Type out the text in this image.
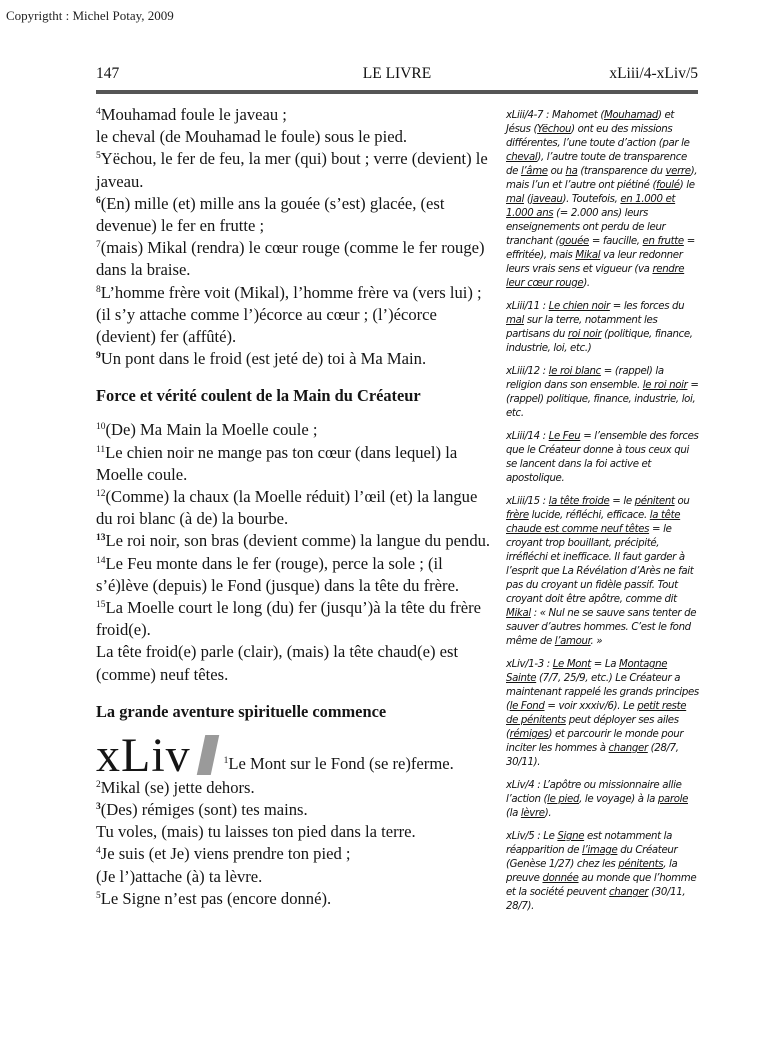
Copyrigtht : Michel Potay, 2009
147	LE LIVRE	xLiii/4-xLiv/5

$^4$Mouhamad foule le javeau ;

le cheval (de Mouhamad le foule) sous le pied.

$^5$Yëchou, le fer de feu, la mer (qui) bout ; verre (devient) le javeau.

$^6$(En) mille (et) mille ans la gouée (s’est) glacée, (est devenue) le fer en fruttе ;

$^7$(mais) Mikal (rendra) le cœur rouge (comme le fer rouge) dans la braise.

$^8$L’homme frère voit (Mikal), l’homme frère va (vers lui) ; (il s’y attache comme l’)écorce au cœur ; (l’)écorce (devient) fer (affûté).

$^9$Un pont dans le froid (est jeté de) toi à Ma Main.

Force et vérité coulent de la Main du Créateur

$^{10}$(De) Ma Main la Moelle coule ;

$^{11}$Le chien noir ne mange pas ton cœur (dans lequel) la Moelle coule.

$^{12}$(Comme) la chaux (la Moelle réduit) l’œil (et) la langue du roi blanc (à de) la bourbe.

$^{13}$Le roi noir, son bras (devient comme) la langue du pendu.

$^{14}$Le Feu monte dans le fer (rouge), perce la sole ; (il s’é)lève (depuis) le Fond (jusque) dans la tête du frère.

$^{15}$La Moelle court le long (du) fer (jusqu’)à la tête du frère froid(e).

La tête froid(e) parle (clair), (mais) la tête chaud(e) est (comme) neuf têtes.

La grande aventure spirituelle commence
xLiv	$^1$Le Mont sur le Fond (se re)ferme.

$^2$Mikal (se) jette dehors.

$^3$(Des) rémiges (sont) tes mains.

Tu voles, (mais) tu laisses ton pied dans la terre.

$^4$Je suis (et Je) viens prendre ton pied ;

(Je l’)attache (à) ta lèvre.

$^5$Le Signe n’est pas (encore donné).

xLiii/4-7 : Mahomet (Mouhamad) et Jésus (Yëchou) ont eu des missions différentes, l’une toute d’action (par le cheval), l’autre toute de transparence de l’âme ou ha (transparence du verre), mais l’un et l’autre ont piétiné (foulé) le mal (javeau). Toutefois, en 1.000 et 1.000 ans (= 2.000 ans) leurs enseignements ont perdu de leur tranchant (gouée = faucille, en frutte = effritée), mais Mikal va leur redonner leurs vrais sens et vigueur (va rendre leur cœur rouge).

xLiii/11 : Le chien noir = les forces du mal sur la terre, notamment les partisans du roi noir (politique, finance, industrie, loi, etc.)

xLiii/12 : le roi blanc = (rappel) la religion dans son ensemble. le roi noir = (rappel) politique, finance, industrie, loi, etc.

xLiii/14 : Le Feu = l’ensemble des forces que le Créateur donne à tous ceux qui se lancent dans la foi active et apostolique.

xLiii/15 : la tête froide = le pénitent ou frère lucide, réfléchi, efficace. la tête chaude est comme neuf têtes = le croyant trop bouillant, précipité, irréfléchi et inefficace. Il faut garder à l’esprit que La Révélation d’Arès ne fait pas du croyant un fidèle passif. Tout croyant doit être apôtre, comme dit Mikal : « Nul ne se sauve sans tenter de sauver d’autres hommes. C’est le fond même de l’amour. »

xLiv/1-3 : Le Mont = La Montagne Sainte (7/7, 25/9, etc.) Le Créateur a maintenant rappelé les grands principes (le Fond = voir xxxiv/6). Le petit reste de pénitents peut déployer ses ailes (rémiges) et parcourir le monde pour inciter les hommes à changer (28/7, 30/11).

xLiv/4 : L’apôtre ou missionnaire allie l’action (le pied, le voyage) à la parole (la lèvre).

xLiv/5 : Le Signe est notamment la réapparition de l’image du Créateur (Genèse 1/27) chez les pénitents, la preuve donnée au monde que l’homme et la société peuvent changer (30/11, 28/7).
